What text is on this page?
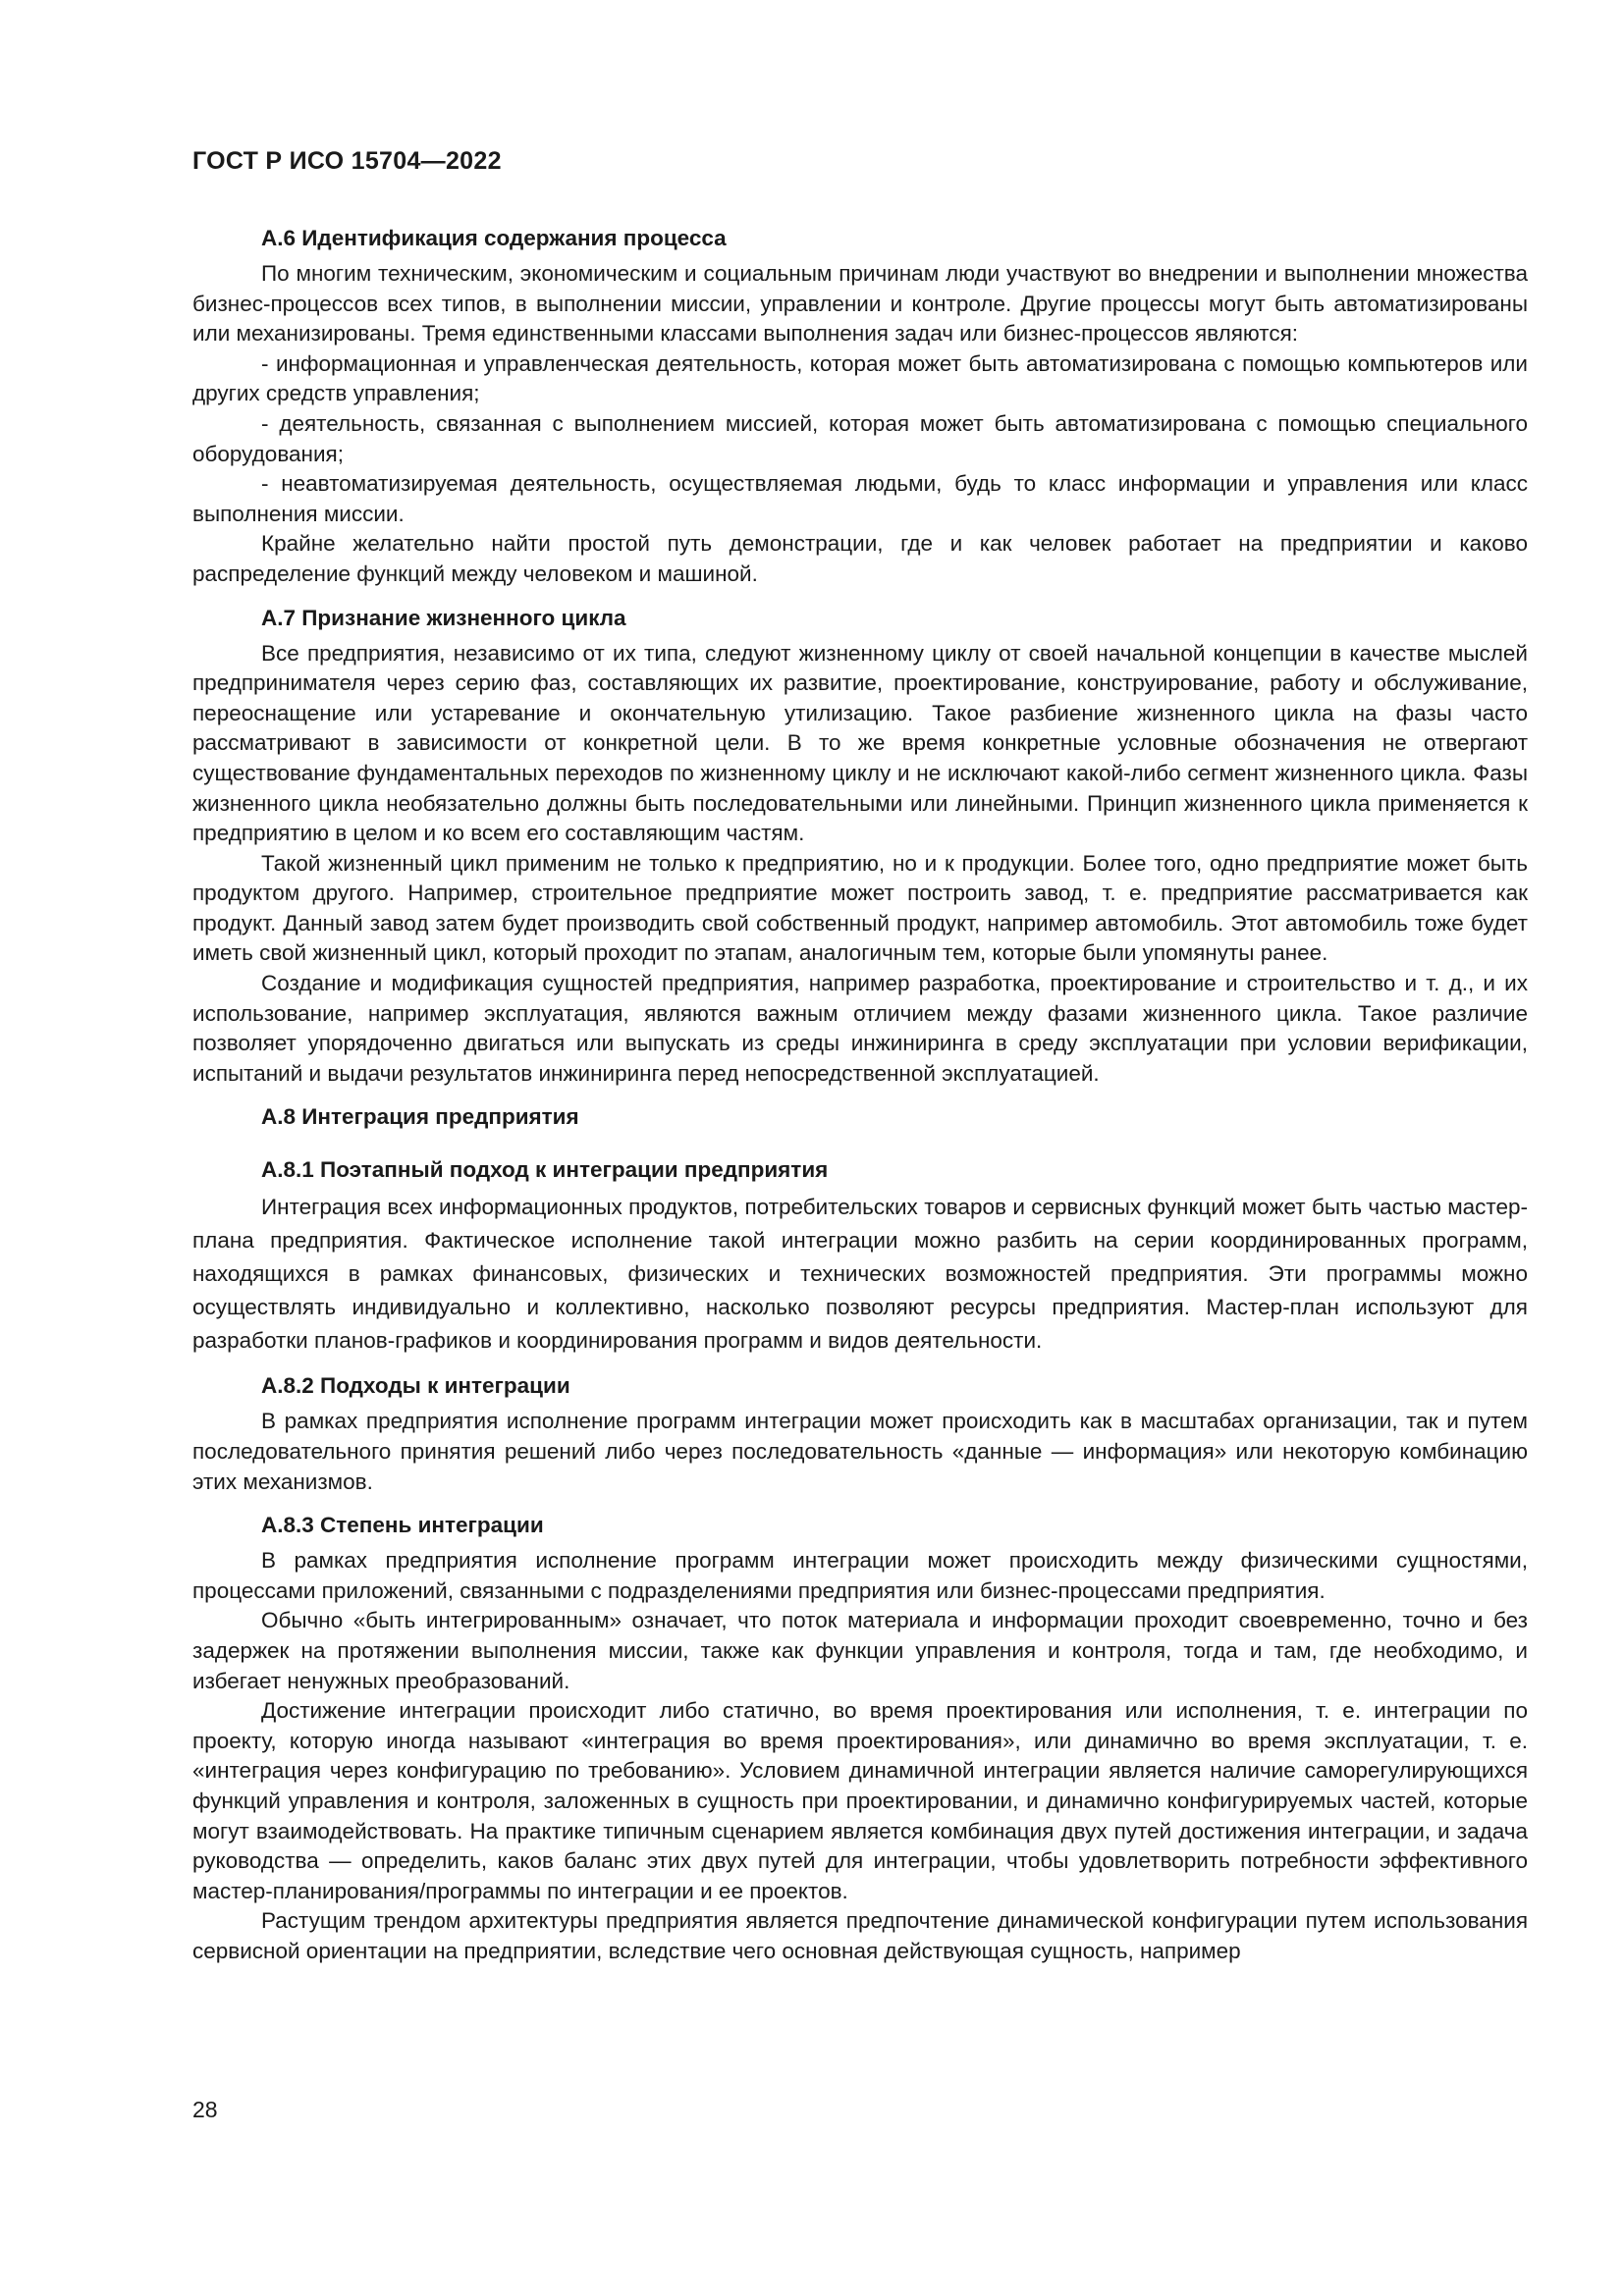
ГОСТ Р ИСО 15704—2022
А.6 Идентификация содержания процесса

По многим техническим, экономическим и социальным причинам люди участвуют во внедрении и выполнении множества бизнес-процессов всех типов, в выполнении миссии, управлении и контроле. Другие процессы могут быть автоматизированы или механизированы. Тремя единственными классами выполнения задач или бизнес-процессов являются:

- информационная и управленческая деятельность, которая может быть автоматизирована с помощью компьютеров или других средств управления;

- деятельность, связанная с выполнением миссией, которая может быть автоматизирована с помощью специального оборудования;

- неавтоматизируемая деятельность, осуществляемая людьми, будь то класс информации и управления или класс выполнения миссии.

Крайне желательно найти простой путь демонстрации, где и как человек работает на предприятии и каково распределение функций между человеком и машиной.

А.7 Признание жизненного цикла

Все предприятия, независимо от их типа, следуют жизненному циклу от своей начальной концепции в качестве мыслей предпринимателя через серию фаз, составляющих их развитие, проектирование, конструирование, работу и обслуживание, переоснащение или устаревание и окончательную утилизацию. Такое разбиение жизненного цикла на фазы часто рассматривают в зависимости от конкретной цели. В то же время конкретные условные обозначения не отвергают существование фундаментальных переходов по жизненному циклу и не исключают какой-либо сегмент жизненного цикла. Фазы жизненного цикла необязательно должны быть последовательными или линейными. Принцип жизненного цикла применяется к предприятию в целом и ко всем его составляющим частям.

Такой жизненный цикл применим не только к предприятию, но и к продукции. Более того, одно предприятие может быть продуктом другого. Например, строительное предприятие может построить завод, т. е. предприятие рассматривается как продукт. Данный завод затем будет производить свой собственный продукт, например автомобиль. Этот автомобиль тоже будет иметь свой жизненный цикл, который проходит по этапам, аналогичным тем, которые были упомянуты ранее.

Создание и модификация сущностей предприятия, например разработка, проектирование и строительство и т. д., и их использование, например эксплуатация, являются важным отличием между фазами жизненного цикла. Такое различие позволяет упорядоченно двигаться или выпускать из среды инжиниринга в среду эксплуатации при условии верификации, испытаний и выдачи результатов инжиниринга перед непосредственной эксплуатацией.

А.8 Интеграция предприятия
А.8.1 Поэтапный подход к интеграции предприятия

Интеграция всех информационных продуктов, потребительских товаров и сервисных функций может быть частью мастер-плана предприятия. Фактическое исполнение такой интеграции можно разбить на серии координированных программ, находящихся в рамках финансовых, физических и технических возможностей предприятия. Эти программы можно осуществлять индивидуально и коллективно, насколько позволяют ресурсы предприятия. Мастер-план используют для разработки планов-графиков и координирования программ и видов деятельности.

А.8.2 Подходы к интеграции

В рамках предприятия исполнение программ интеграции может происходить как в масштабах организации, так и путем последовательного принятия решений либо через последовательность «данные — информация» или некоторую комбинацию этих механизмов.

А.8.3 Степень интеграции

В рамках предприятия исполнение программ интеграции может происходить между физическими сущностями, процессами приложений, связанными с подразделениями предприятия или бизнес-процессами предприятия.

Обычно «быть интегрированным» означает, что поток материала и информации проходит своевременно, точно и без задержек на протяжении выполнения миссии, также как функции управления и контроля, тогда и там, где необходимо, и избегает ненужных преобразований.

Достижение интеграции происходит либо статично, во время проектирования или исполнения, т. е. интеграции по проекту, которую иногда называют «интеграция во время проектирования», или динамично во время эксплуатации, т. е. «интеграция через конфигурацию по требованию». Условием динамичной интеграции является наличие саморегулирующихся функций управления и контроля, заложенных в сущность при проектировании, и динамично конфигурируемых частей, которые могут взаимодействовать. На практике типичным сценарием является комбинация двух путей достижения интеграции, и задача руководства — определить, каков баланс этих двух путей для интеграции, чтобы удовлетворить потребности эффективного мастер-планирования/программы по интеграции и ее проектов.

Растущим трендом архитектуры предприятия является предпочтение динамической конфигурации путем использования сервисной ориентации на предприятии, вследствие чего основная действующая сущность, например

28
